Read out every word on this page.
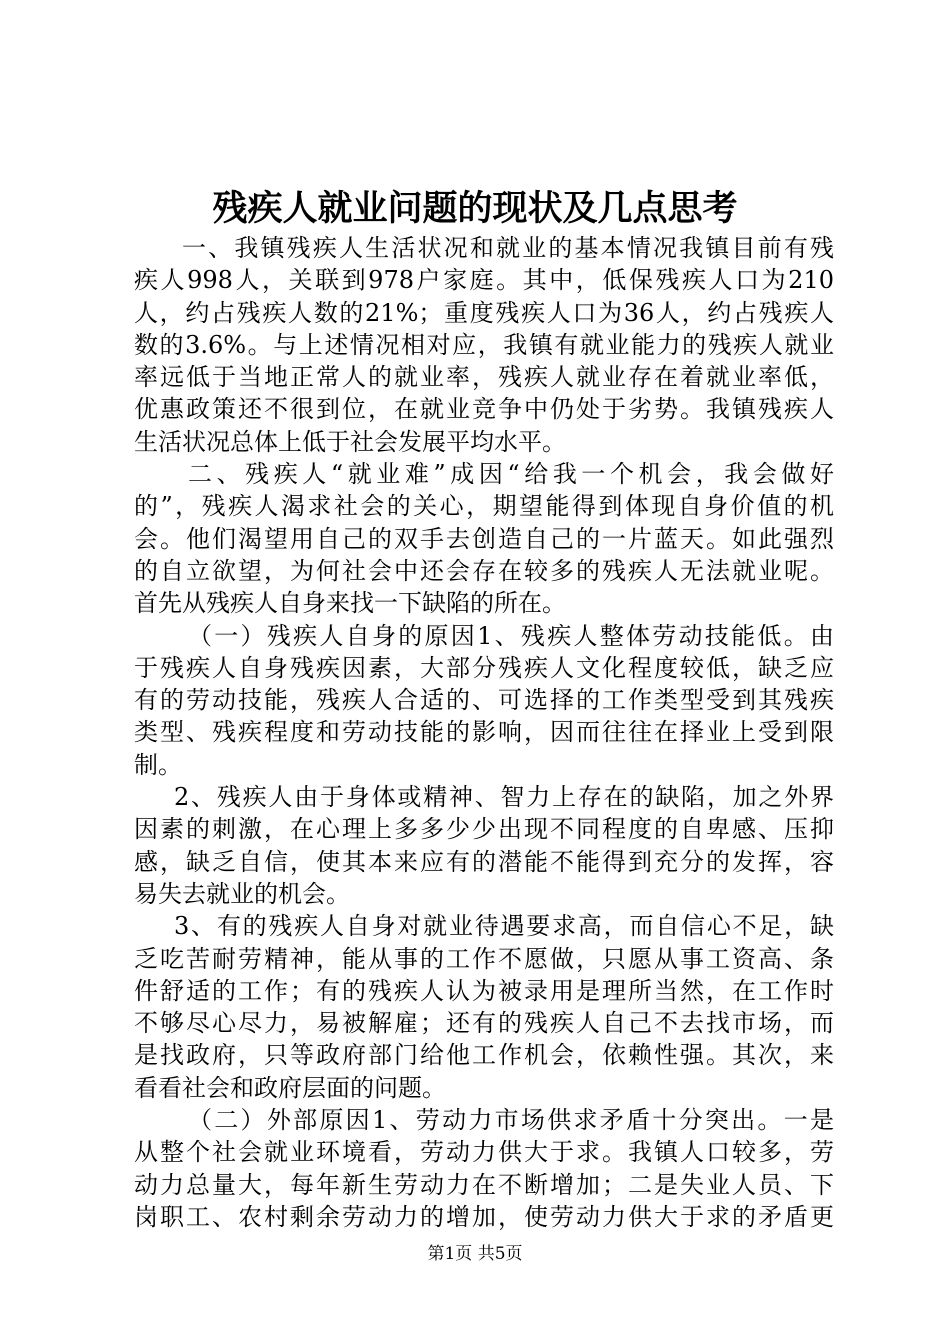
残疾人就业问题的现状及几点思考
一、我镇残疾人生活状况和就业的基本情况我镇目前有残
疾人998人，关联到978户家庭。其中，低保残疾人口为210
人，约占残疾人数的21%；重度残疾人口为36人，约占残疾人
数的3.6%。与上述情况相对应，我镇有就业能力的残疾人就业
率远低于当地正常人的就业率，残疾人就业存在着就业率低，
优惠政策还不很到位，在就业竞争中仍处于劣势。我镇残疾人
生活状况总体上低于社会发展平均水平。
二、残疾人“就业难”成因“给我一个机会，我会做好
的”，残疾人渴求社会的关心，期望能得到体现自身价值的机
会。他们渴望用自己的双手去创造自己的一片蓝天。如此强烈
的自立欲望，为何社会中还会存在较多的残疾人无法就业呢。
首先从残疾人自身来找一下缺陷的所在。
（一）残疾人自身的原因1、残疾人整体劳动技能低。由
于残疾人自身残疾因素，大部分残疾人文化程度较低，缺乏应
有的劳动技能，残疾人合适的、可选择的工作类型受到其残疾
类型、残疾程度和劳动技能的影响，因而往往在择业上受到限
制。
2、残疾人由于身体或精神、智力上存在的缺陷，加之外界
因素的刺激，在心理上多多少少出现不同程度的自卑感、压抑
感，缺乏自信，使其本来应有的潜能不能得到充分的发挥，容
易失去就业的机会。
3、有的残疾人自身对就业待遇要求高，而自信心不足，缺
乏吃苦耐劳精神，能从事的工作不愿做，只愿从事工资高、条
件舒适的工作；有的残疾人认为被录用是理所当然，在工作时
不够尽心尽力，易被解雇；还有的残疾人自己不去找市场，而
是找政府，只等政府部门给他工作机会，依赖性强。其次，来
看看社会和政府层面的问题。
（二）外部原因1、劳动力市场供求矛盾十分突出。一是
从整个社会就业环境看，劳动力供大于求。我镇人口较多，劳
动力总量大，每年新生劳动力在不断增加；二是失业人员、下
岗职工、农村剩余劳动力的增加，使劳动力供大于求的矛盾更
第1页 共5页
